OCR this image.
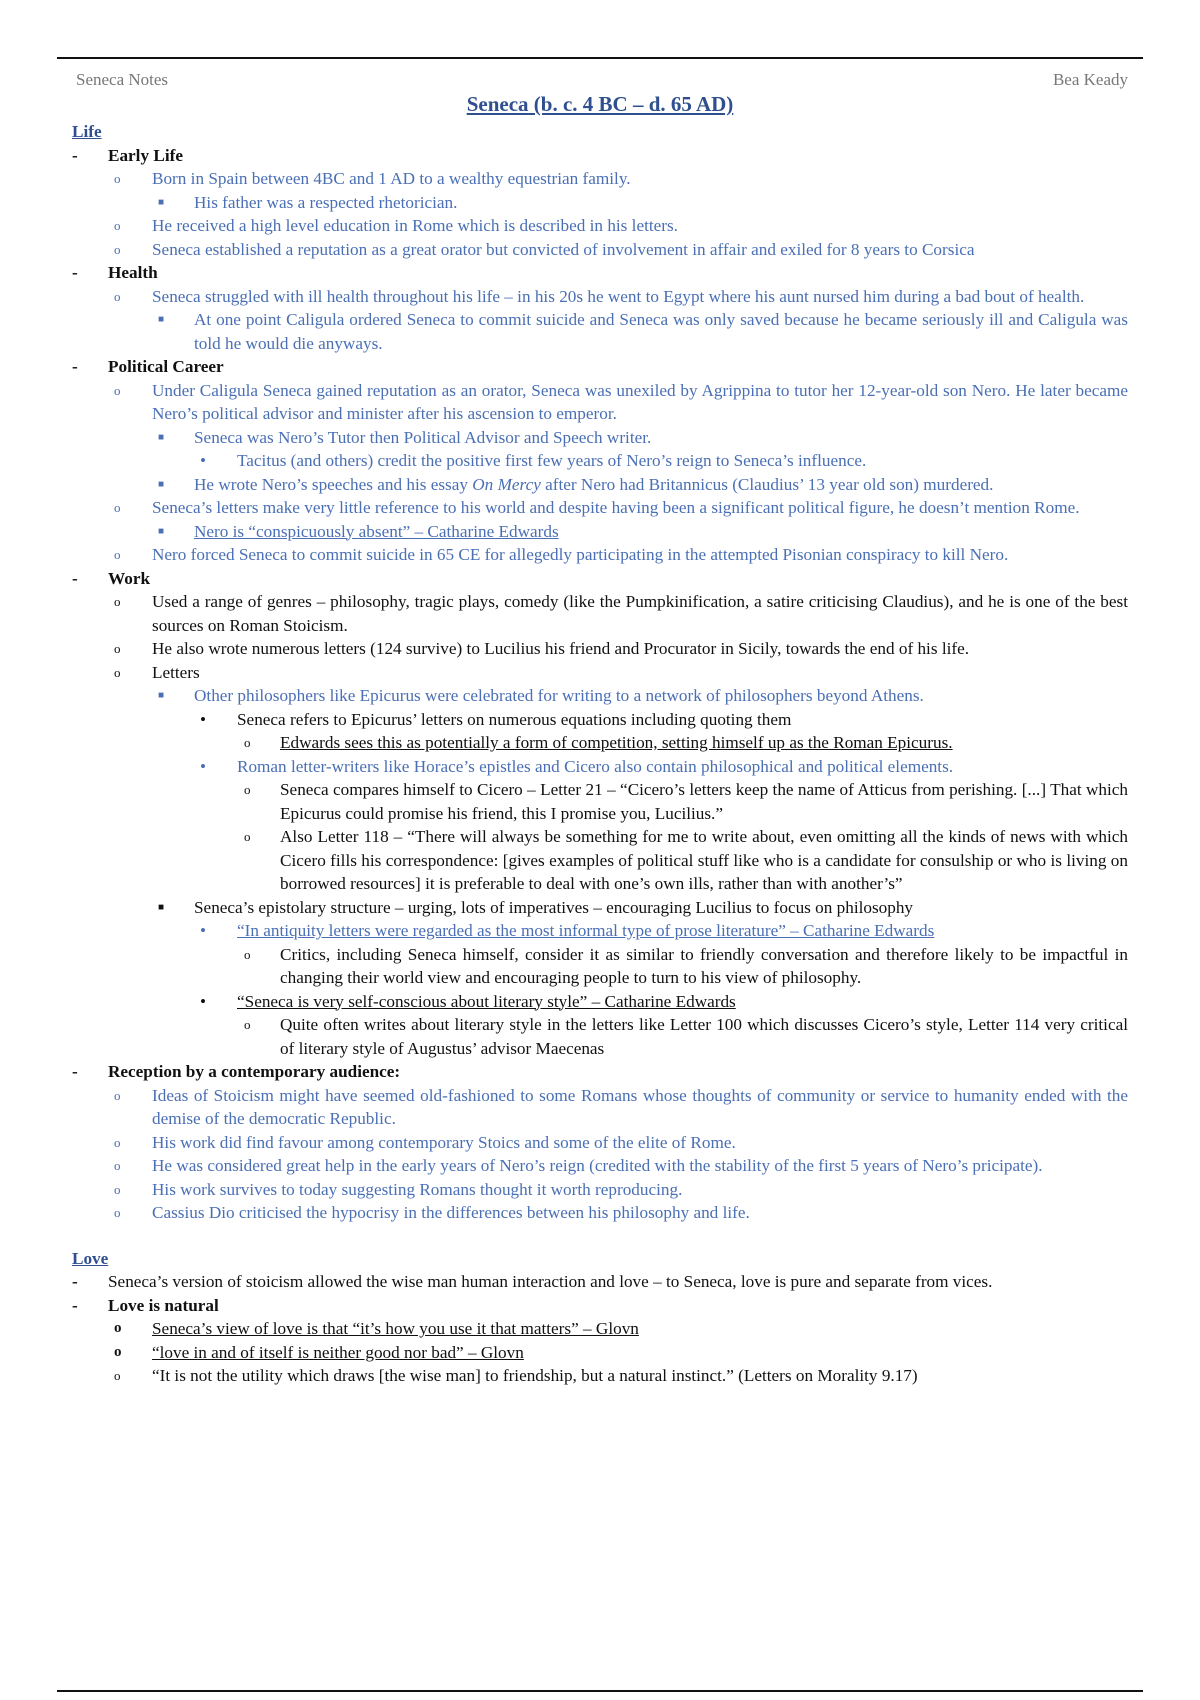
Seneca Notes	Bea Keady
Seneca (b. c. 4 BC – d. 65 AD)
Life
- Early Life
o Born in Spain between 4BC and 1 AD to a wealthy equestrian family.
■ His father was a respected rhetorician.
o He received a high level education in Rome which is described in his letters.
o Seneca established a reputation as a great orator but convicted of involvement in affair and exiled for 8 years to Corsica
- Health
o Seneca struggled with ill health throughout his life – in his 20s he went to Egypt where his aunt nursed him during a bad bout of health.
■ At one point Caligula ordered Seneca to commit suicide and Seneca was only saved because he became seriously ill and Caligula was told he would die anyways.
- Political Career
o Under Caligula Seneca gained reputation as an orator, Seneca was unexiled by Agrippina to tutor her 12-year-old son Nero. He later became Nero’s political advisor and minister after his ascension to emperor.
■ Seneca was Nero’s Tutor then Political Advisor and Speech writer.
• Tacitus (and others) credit the positive first few years of Nero’s reign to Seneca’s influence.
■ He wrote Nero’s speeches and his essay On Mercy after Nero had Britannicus (Claudius’ 13 year old son) murdered.
o Seneca’s letters make very little reference to his world and despite having been a significant political figure, he doesn’t mention Rome.
■ Nero is “conspicuously absent” – Catharine Edwards
o Nero forced Seneca to commit suicide in 65 CE for allegedly participating in the attempted Pisonian conspiracy to kill Nero.
- Work
o Used a range of genres – philosophy, tragic plays, comedy (like the Pumpkinification, a satire criticising Claudius), and he is one of the best sources on Roman Stoicism.
o He also wrote numerous letters (124 survive) to Lucilius his friend and Procurator in Sicily, towards the end of his life.
o Letters
■ Other philosophers like Epicurus were celebrated for writing to a network of philosophers beyond Athens.
• Seneca refers to Epicurus’ letters on numerous equations including quoting them
o Edwards sees this as potentially a form of competition, setting himself up as the Roman Epicurus.
• Roman letter-writers like Horace’s epistles and Cicero also contain philosophical and political elements.
o Seneca compares himself to Cicero – Letter 21 – “Cicero’s letters keep the name of Atticus from perishing. [...] That which Epicurus could promise his friend, this I promise you, Lucilius.”
o Also Letter 118 – “There will always be something for me to write about, even omitting all the kinds of news with which Cicero fills his correspondence: [gives examples of political stuff like who is a candidate for consulship or who is living on borrowed resources] it is preferable to deal with one’s own ills, rather than with another’s”
■ Seneca’s epistolary structure – urging, lots of imperatives – encouraging Lucilius to focus on philosophy
• “In antiquity letters were regarded as the most informal type of prose literature” – Catharine Edwards
o Critics, including Seneca himself, consider it as similar to friendly conversation and therefore likely to be impactful in changing their world view and encouraging people to turn to his view of philosophy.
• “Seneca is very self-conscious about literary style” – Catharine Edwards
o Quite often writes about literary style in the letters like Letter 100 which discusses Cicero’s style, Letter 114 very critical of literary style of Augustus’ advisor Maecenas
- Reception by a contemporary audience:
o Ideas of Stoicism might have seemed old-fashioned to some Romans whose thoughts of community or service to humanity ended with the demise of the democratic Republic.
o His work did find favour among contemporary Stoics and some of the elite of Rome.
o He was considered great help in the early years of Nero’s reign (credited with the stability of the first 5 years of Nero’s pricipate).
o His work survives to today suggesting Romans thought it worth reproducing.
o Cassius Dio criticised the hypocrisy in the differences between his philosophy and life.
Love
- Seneca’s version of stoicism allowed the wise man human interaction and love – to Seneca, love is pure and separate from vices.
- Love is natural
o Seneca’s view of love is that “it’s how you use it that matters” – Glovn
o “love in and of itself is neither good nor bad” – Glovn
o “It is not the utility which draws [the wise man] to friendship, but a natural instinct.” (Letters on Morality 9.17)
